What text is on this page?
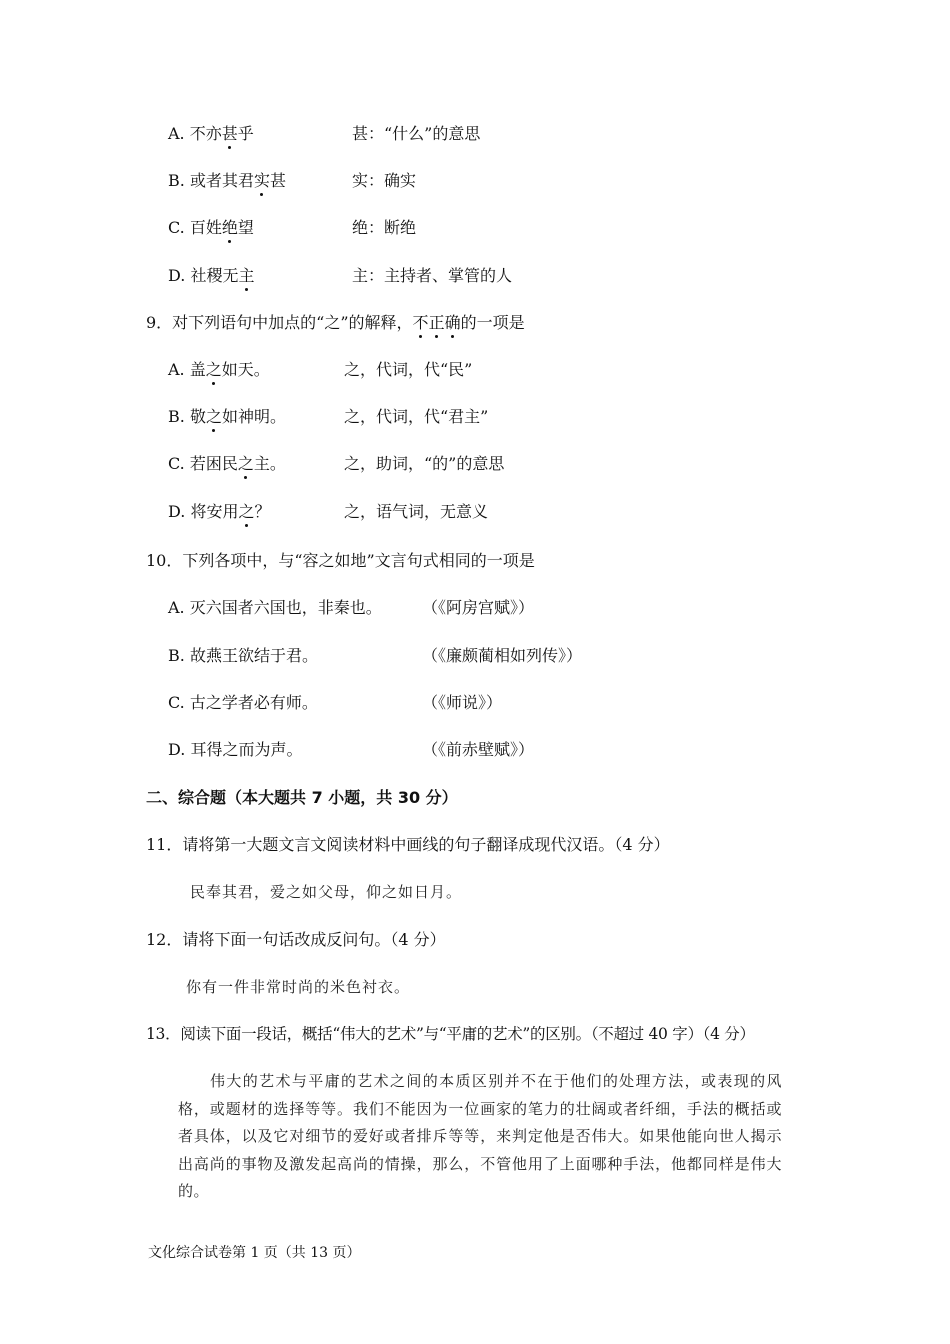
A. 不亦甚乎	甚：“什么”的意思
B. 或者其君实甚	实：确实
C. 百姓绝望	绝：断绝
D. 社稷无主	主：主持者、掌管的人
9．对下列语句中加点的“之”的解释，不正确的一项是
A. 盖之如天。	之，代词，代“民”
B. 敬之如神明。	之，代词，代“君主”
C. 若困民之主。	之，助词，“的”的意思
D. 将安用之？	之，语气词，无意义
10．下列各项中，与“容之如地”文言句式相同的一项是
A. 灭六国者六国也，非秦也。	（《阿房宫赋》）
B. 故燕王欲结于君。	（《廉颇蔺相如列传》）
C. 古之学者必有师。	（《师说》）
D. 耳得之而为声。	（《前赤壁赋》）
二、综合题（本大题共 7 小题，共 30 分）
11．请将第一大题文言文阅读材料中画线的句子翻译成现代汉语。（4 分）
民奉其君，爱之如父母，仰之如日月。
12．请将下面一句话改成反问句。（4 分）
你有一件非常时尚的米色衬衣。
13．阅读下面一段话，概括“伟大的艺术”与“平庸的艺术”的区别。（不超过 40 字）（4 分）
伟大的艺术与平庸的艺术之间的本质区别并不在于他们的处理方法，或表现的风格，或题材的选择等等。我们不能因为一位画家的笔力的壮阔或者纤细，手法的概括或者具体，以及它对细节的爱好或者排斥等等，来判定他是否伟大。如果他能向世人揭示出高尚的事物及激发起高尚的情操，那么，不管他用了上面哪种手法，他都同样是伟大的。
文化综合试卷第 1 页（共 13 页）
